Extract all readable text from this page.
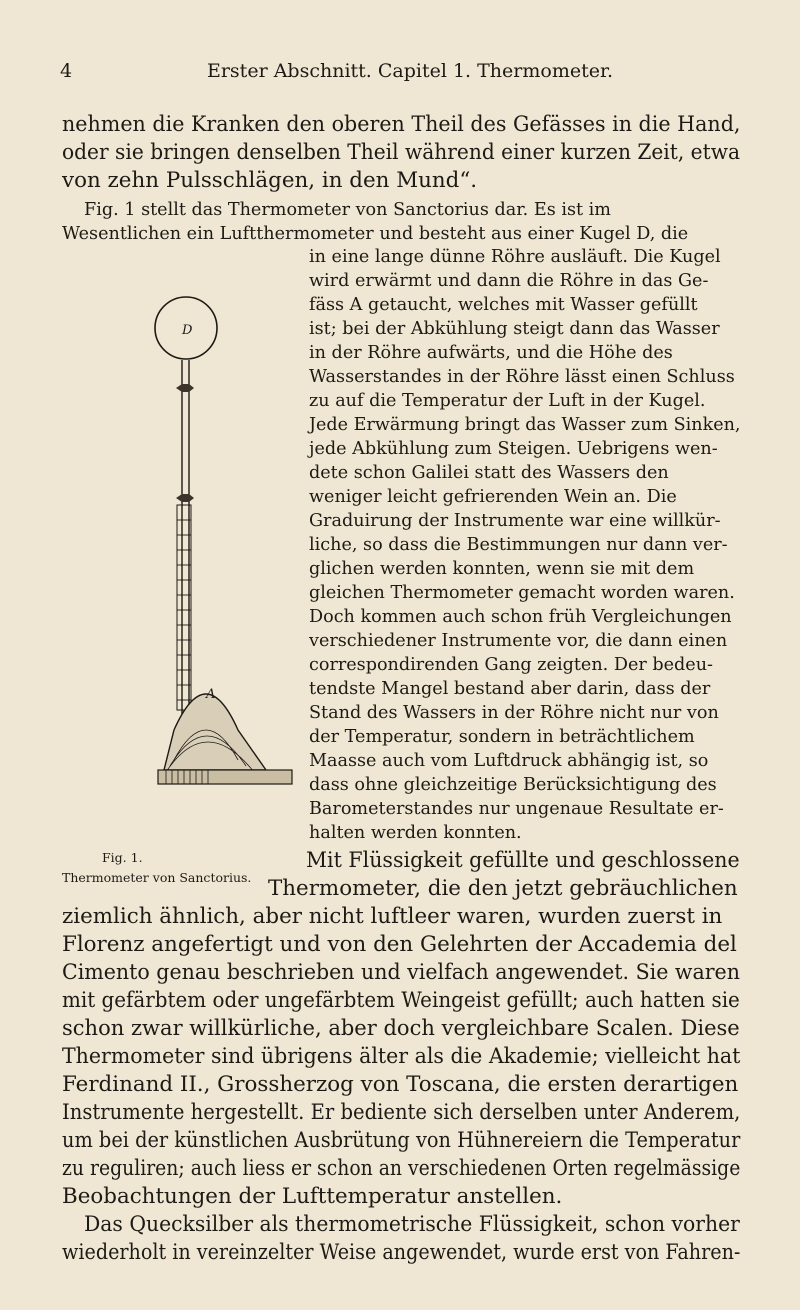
4	Erster Abschnitt. Capitel 1. Thermometer.

nehmen die Kranken den oberen Theil des Gefässes in die Hand,

oder sie bringen denselben Theil während einer kurzen Zeit, etwa

von zehn Pulsschlägen, in den Mund“.

Fig. 1 stellt das Thermometer von Sanctorius dar. Es ist im

Wesentlichen ein Luftthermometer und besteht aus einer Kugel D, die

in eine lange dünne Röhre ausläuft. Die Kugel

wird erwärmt und dann die Röhre in das Ge-

fäss A getaucht, welches mit Wasser gefüllt

ist; bei der Abkühlung steigt dann das Wasser

in der Röhre aufwärts, und die Höhe des

Wasserstandes in der Röhre lässt einen Schluss

zu auf die Temperatur der Luft in der Kugel.

Jede Erwärmung bringt das Wasser zum Sinken,

jede Abkühlung zum Steigen. Uebrigens wen-

dete schon Galilei statt des Wassers den

weniger leicht gefrierenden Wein an. Die

Graduirung der Instrumente war eine willkür-

liche, so dass die Bestimmungen nur dann ver-

glichen werden konnten, wenn sie mit dem

gleichen Thermometer gemacht worden waren.

Doch kommen auch schon früh Vergleichungen

verschiedener Instrumente vor, die dann einen

correspondirenden Gang zeigten. Der bedeu-

tendste Mangel bestand aber darin, dass der

Stand des Wassers in der Röhre nicht nur von

der Temperatur, sondern in beträchtlichem

Maasse auch vom Luftdruck abhängig ist, so

dass ohne gleichzeitige Berücksichtigung des

Barometerstandes nur ungenaue Resultate er-

halten werden konnten.

D
A
Fig. 1.
Thermometer von Sanctorius.

Mit Flüssigkeit gefüllte und geschlossene

Thermometer, die den jetzt gebräuchlichen

ziemlich ähnlich, aber nicht luftleer waren, wurden zuerst in

Florenz angefertigt und von den Gelehrten der Accademia del

Cimento genau beschrieben und vielfach angewendet. Sie waren

mit gefärbtem oder ungefärbtem Weingeist gefüllt; auch hatten sie

schon zwar willkürliche, aber doch vergleichbare Scalen. Diese

Thermometer sind übrigens älter als die Akademie; vielleicht hat

Ferdinand II., Grossherzog von Toscana, die ersten derartigen

Instrumente hergestellt. Er bediente sich derselben unter Anderem,

um bei der künstlichen Ausbrütung von Hühnereiern die Temperatur

zu reguliren; auch liess er schon an verschiedenen Orten regelmässige

Beobachtungen der Lufttemperatur anstellen.

Das Quecksilber als thermometrische Flüssigkeit, schon vorher

wiederholt in vereinzelter Weise angewendet, wurde erst von Fahren-
